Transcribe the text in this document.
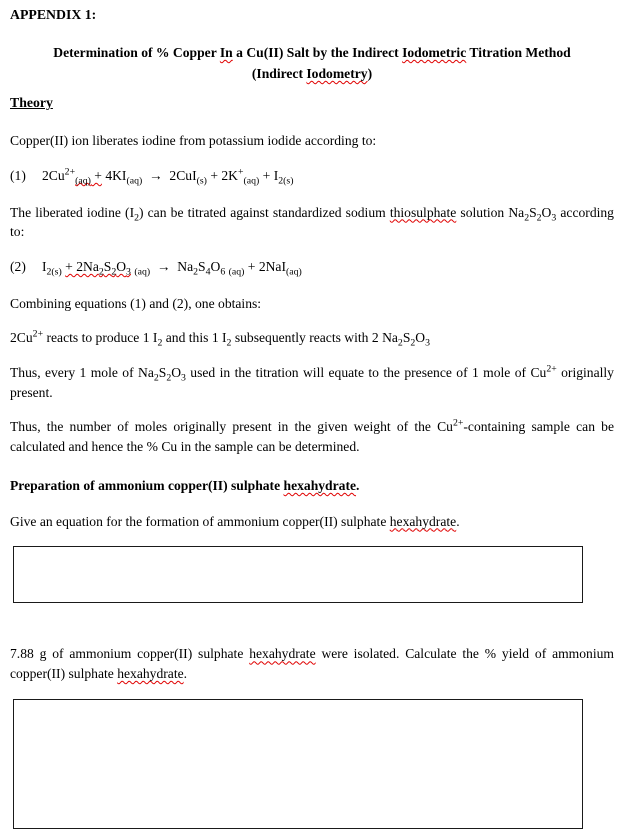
APPENDIX 1:
Determination of % Copper In a Cu(II) Salt by the Indirect Iodometric Titration Method
(Indirect Iodometry)
Theory

Copper(II) ion liberates iodine from potassium iodide according to:

(1) $2Cu^{2+}_{(aq)} + 4KI_{(aq)} \to 2CuI_{(s)} + 2K^+_{(aq)} + I_{2(s)}$

The liberated iodine $(I_2)$ can be titrated against standardized sodium thiosulphate solution $Na_2S_2O_3$ according to:

(2) $I_{2(s)} + 2Na_2S_2O_3$ $_{(aq)} \to Na_2S_4O_6$ $_{(aq)}$ + 2NaI$_{(aq)}$

Combining equations (1) and (2), one obtains:

$2Cu^{2+}$ reacts to produce 1 $I_2$ and this 1 $I_2$ subsequently reacts with 2 $Na_2S_2O_3$

Thus, every 1 mole of $Na_2S_2O_3$ used in the titration will equate to the presence of 1 mole of $Cu^{2+}$ originally present.

Thus, the number of moles originally present in the given weight of the $Cu^{2+}$-containing sample can be calculated and hence the % Cu in the sample can be determined.

Preparation of ammonium copper(II) sulphate hexahydrate.

Give an equation for the formation of ammonium copper(II) sulphate hexahydrate.

7.88 g of ammonium copper(II) sulphate hexahydrate were isolated. Calculate the % yield of ammonium copper(II) sulphate hexahydrate.
